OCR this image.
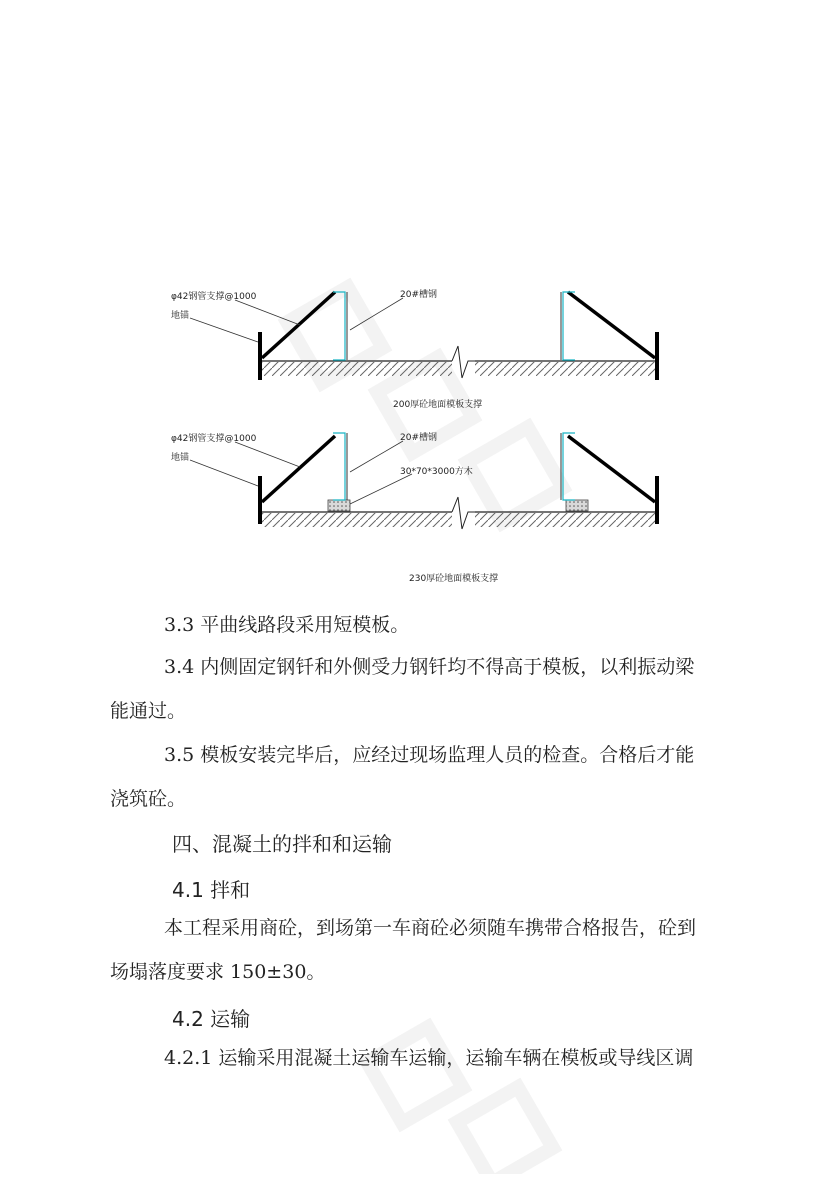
φ42钢管支撑@1000
地锚
20#槽钢
200厚砼地面模板支撑
φ42钢管支撑@1000
地锚
20#槽钢
30*70*3000方木
230厚砼地面模板支撑

3.3 平曲线路段采用短模板。

3.4 内侧固定钢钎和外侧受力钢钎均不得高于模板，以利振动梁能通过。

3.5 模板安装完毕后，应经过现场监理人员的检查。合格后才能浇筑砼。

四、混凝土的拌和和运输
4.1 拌和

本工程采用商砼，到场第一车商砼必须随车携带合格报告，砼到场塌落度要求 150±30。

4.2 运输

4.2.1 运输采用混凝土运输车运输，运输车辆在模板或导线区调
